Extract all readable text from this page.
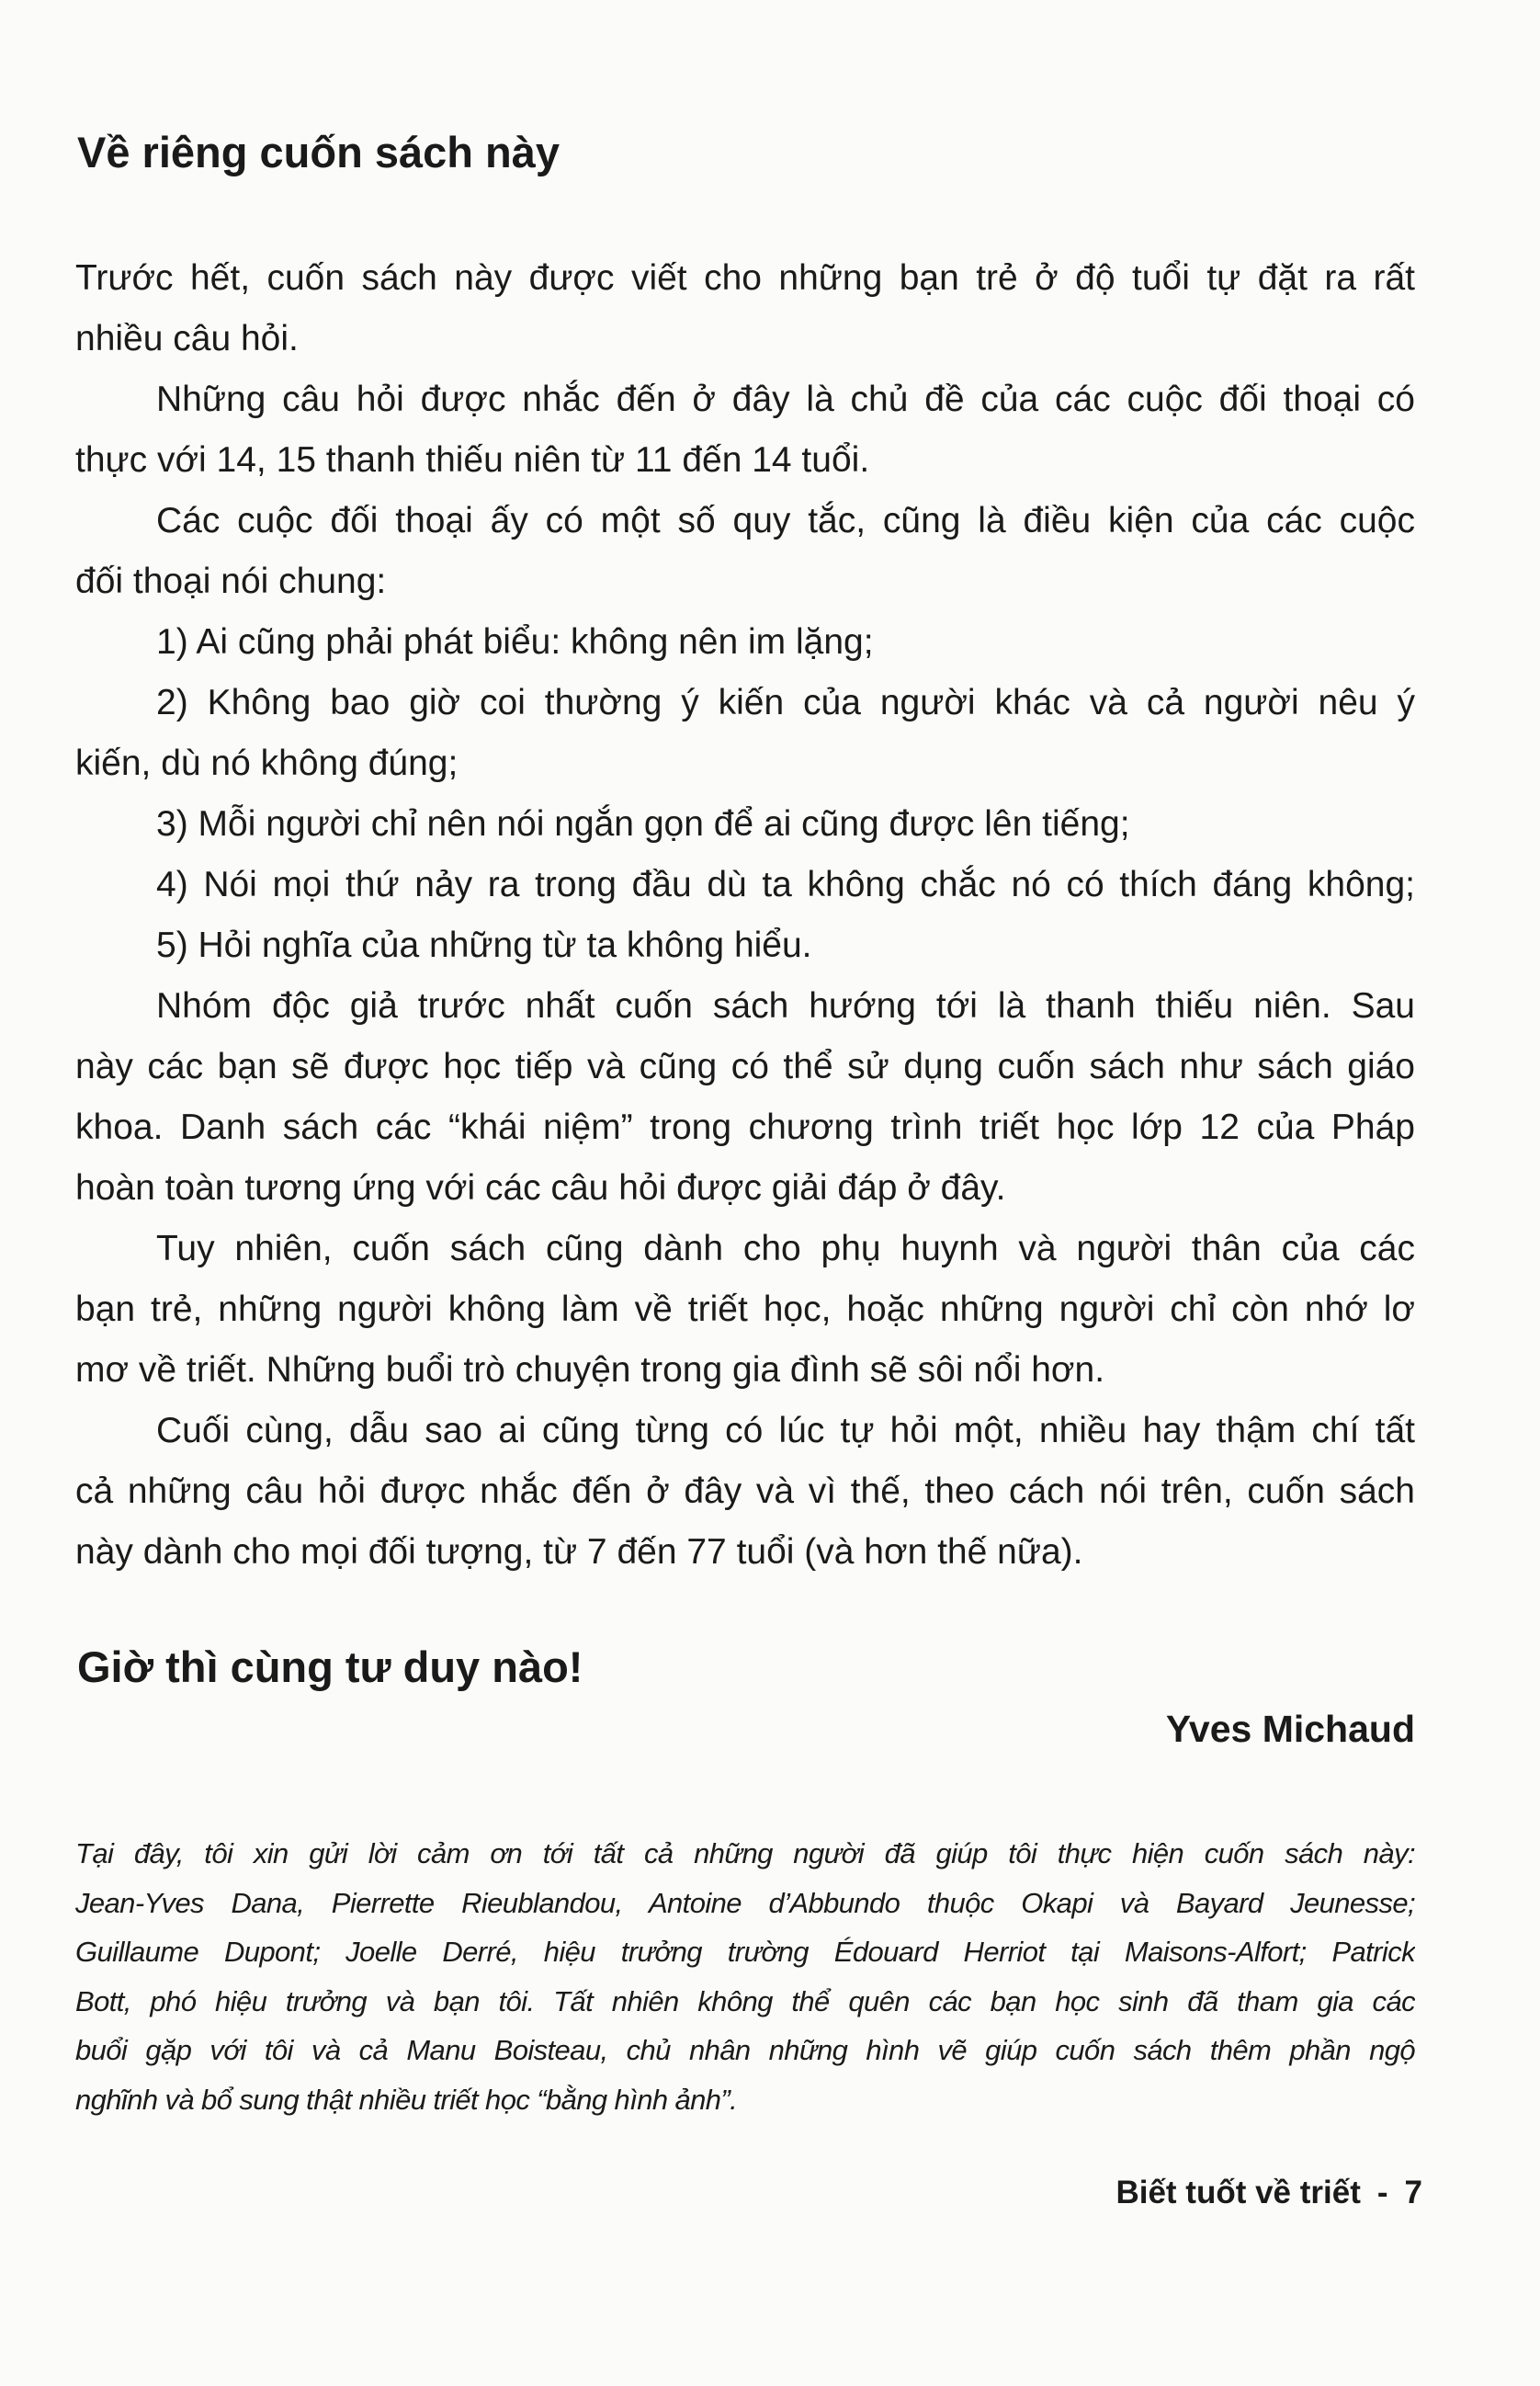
Về riêng cuốn sách này
Trước hết, cuốn sách này được viết cho những bạn trẻ ở độ tuổi tự đặt ra rất
nhiều câu hỏi.
Những câu hỏi được nhắc đến ở đây là chủ đề của các cuộc đối thoại có
thực với 14, 15 thanh thiếu niên từ 11 đến 14 tuổi.
Các cuộc đối thoại ấy có một số quy tắc, cũng là điều kiện của các cuộc
đối thoại nói chung:
1) Ai cũng phải phát biểu: không nên im lặng;
2) Không bao giờ coi thường ý kiến của người khác và cả người nêu ý
kiến, dù nó không đúng;
3) Mỗi người chỉ nên nói ngắn gọn để ai cũng được lên tiếng;
4) Nói mọi thứ nảy ra trong đầu dù ta không chắc nó có thích đáng không;
5) Hỏi nghĩa của những từ ta không hiểu.
Nhóm độc giả trước nhất cuốn sách hướng tới là thanh thiếu niên. Sau
này các bạn sẽ được học tiếp và cũng có thể sử dụng cuốn sách như sách giáo
khoa. Danh sách các “khái niệm” trong chương trình triết học lớp 12 của Pháp
hoàn toàn tương ứng với các câu hỏi được giải đáp ở đây.
Tuy nhiên, cuốn sách cũng dành cho phụ huynh và người thân của các
bạn trẻ, những người không làm về triết học, hoặc những người chỉ còn nhớ lơ
mơ về triết. Những buổi trò chuyện trong gia đình sẽ sôi nổi hơn.
Cuối cùng, dẫu sao ai cũng từng có lúc tự hỏi một, nhiều hay thậm chí tất
cả những câu hỏi được nhắc đến ở đây và vì thế, theo cách nói trên, cuốn sách
này dành cho mọi đối tượng, từ 7 đến 77 tuổi (và hơn thế nữa).
Giờ thì cùng tư duy nào!
Yves Michaud
Tại đây, tôi xin gửi lời cảm ơn tới tất cả những người đã giúp tôi thực hiện cuốn sách này:
Jean-Yves Dana, Pierrette Rieublandou, Antoine d’Abbundo thuộc Okapi và Bayard Jeunesse;
Guillaume Dupont; Joelle Derré, hiệu trưởng trường Édouard Herriot tại Maisons-Alfort; Patrick
Bott, phó hiệu trưởng và bạn tôi. Tất nhiên không thể quên các bạn học sinh đã tham gia các
buổi gặp với tôi và cả Manu Boisteau, chủ nhân những hình vẽ giúp cuốn sách thêm phần ngộ
nghĩnh và bổ sung thật nhiều triết học “bằng hình ảnh”.
Biết tuốt về triết - 7
